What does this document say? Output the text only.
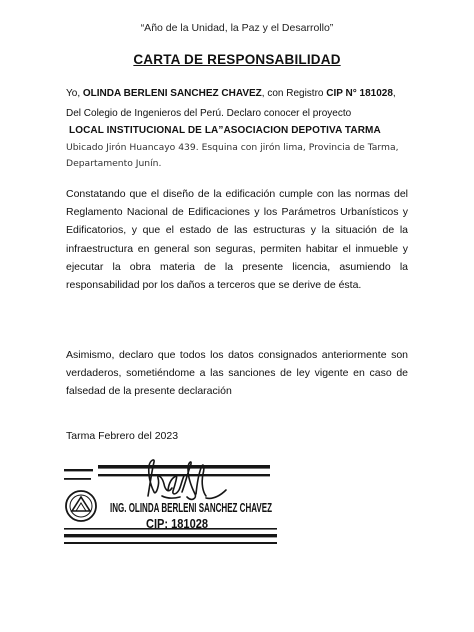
“Año de la Unidad, la Paz y el Desarrollo”
CARTA DE RESPONSABILIDAD
Yo, OLINDA BERLENI SANCHEZ CHAVEZ, con Registro CIP N° 181028,
Del Colegio de Ingenieros del Perú. Declaro conocer el proyecto
LOCAL INSTITUCIONAL DE LA”ASOCIACION DEPOTIVA TARMA
Ubicado Jirón Huancayo 439. Esquina con jirón lima, Provincia de Tarma,
Departamento Junín.
Constatando que el diseño de la edificación cumple con las normas del Reglamento Nacional de Edificaciones y los Parámetros Urbanísticos y Edificatorios, y que el estado de las estructuras y la situación de la infraestructura en general son seguras, permiten habitar el inmueble y ejecutar la obra materia de la presente licencia, asumiendo la responsabilidad por los daños a terceros que se derive de ésta.
Asimismo, declaro que todos los datos consignados anteriormente son verdaderos, sometiéndome a las sanciones de ley vigente en caso de falsedad de la presente declaración
Tarma Febrero del 2023
ING. OLINDA BERLENI SANCHEZ CHAVEZ
CIP: 181028
